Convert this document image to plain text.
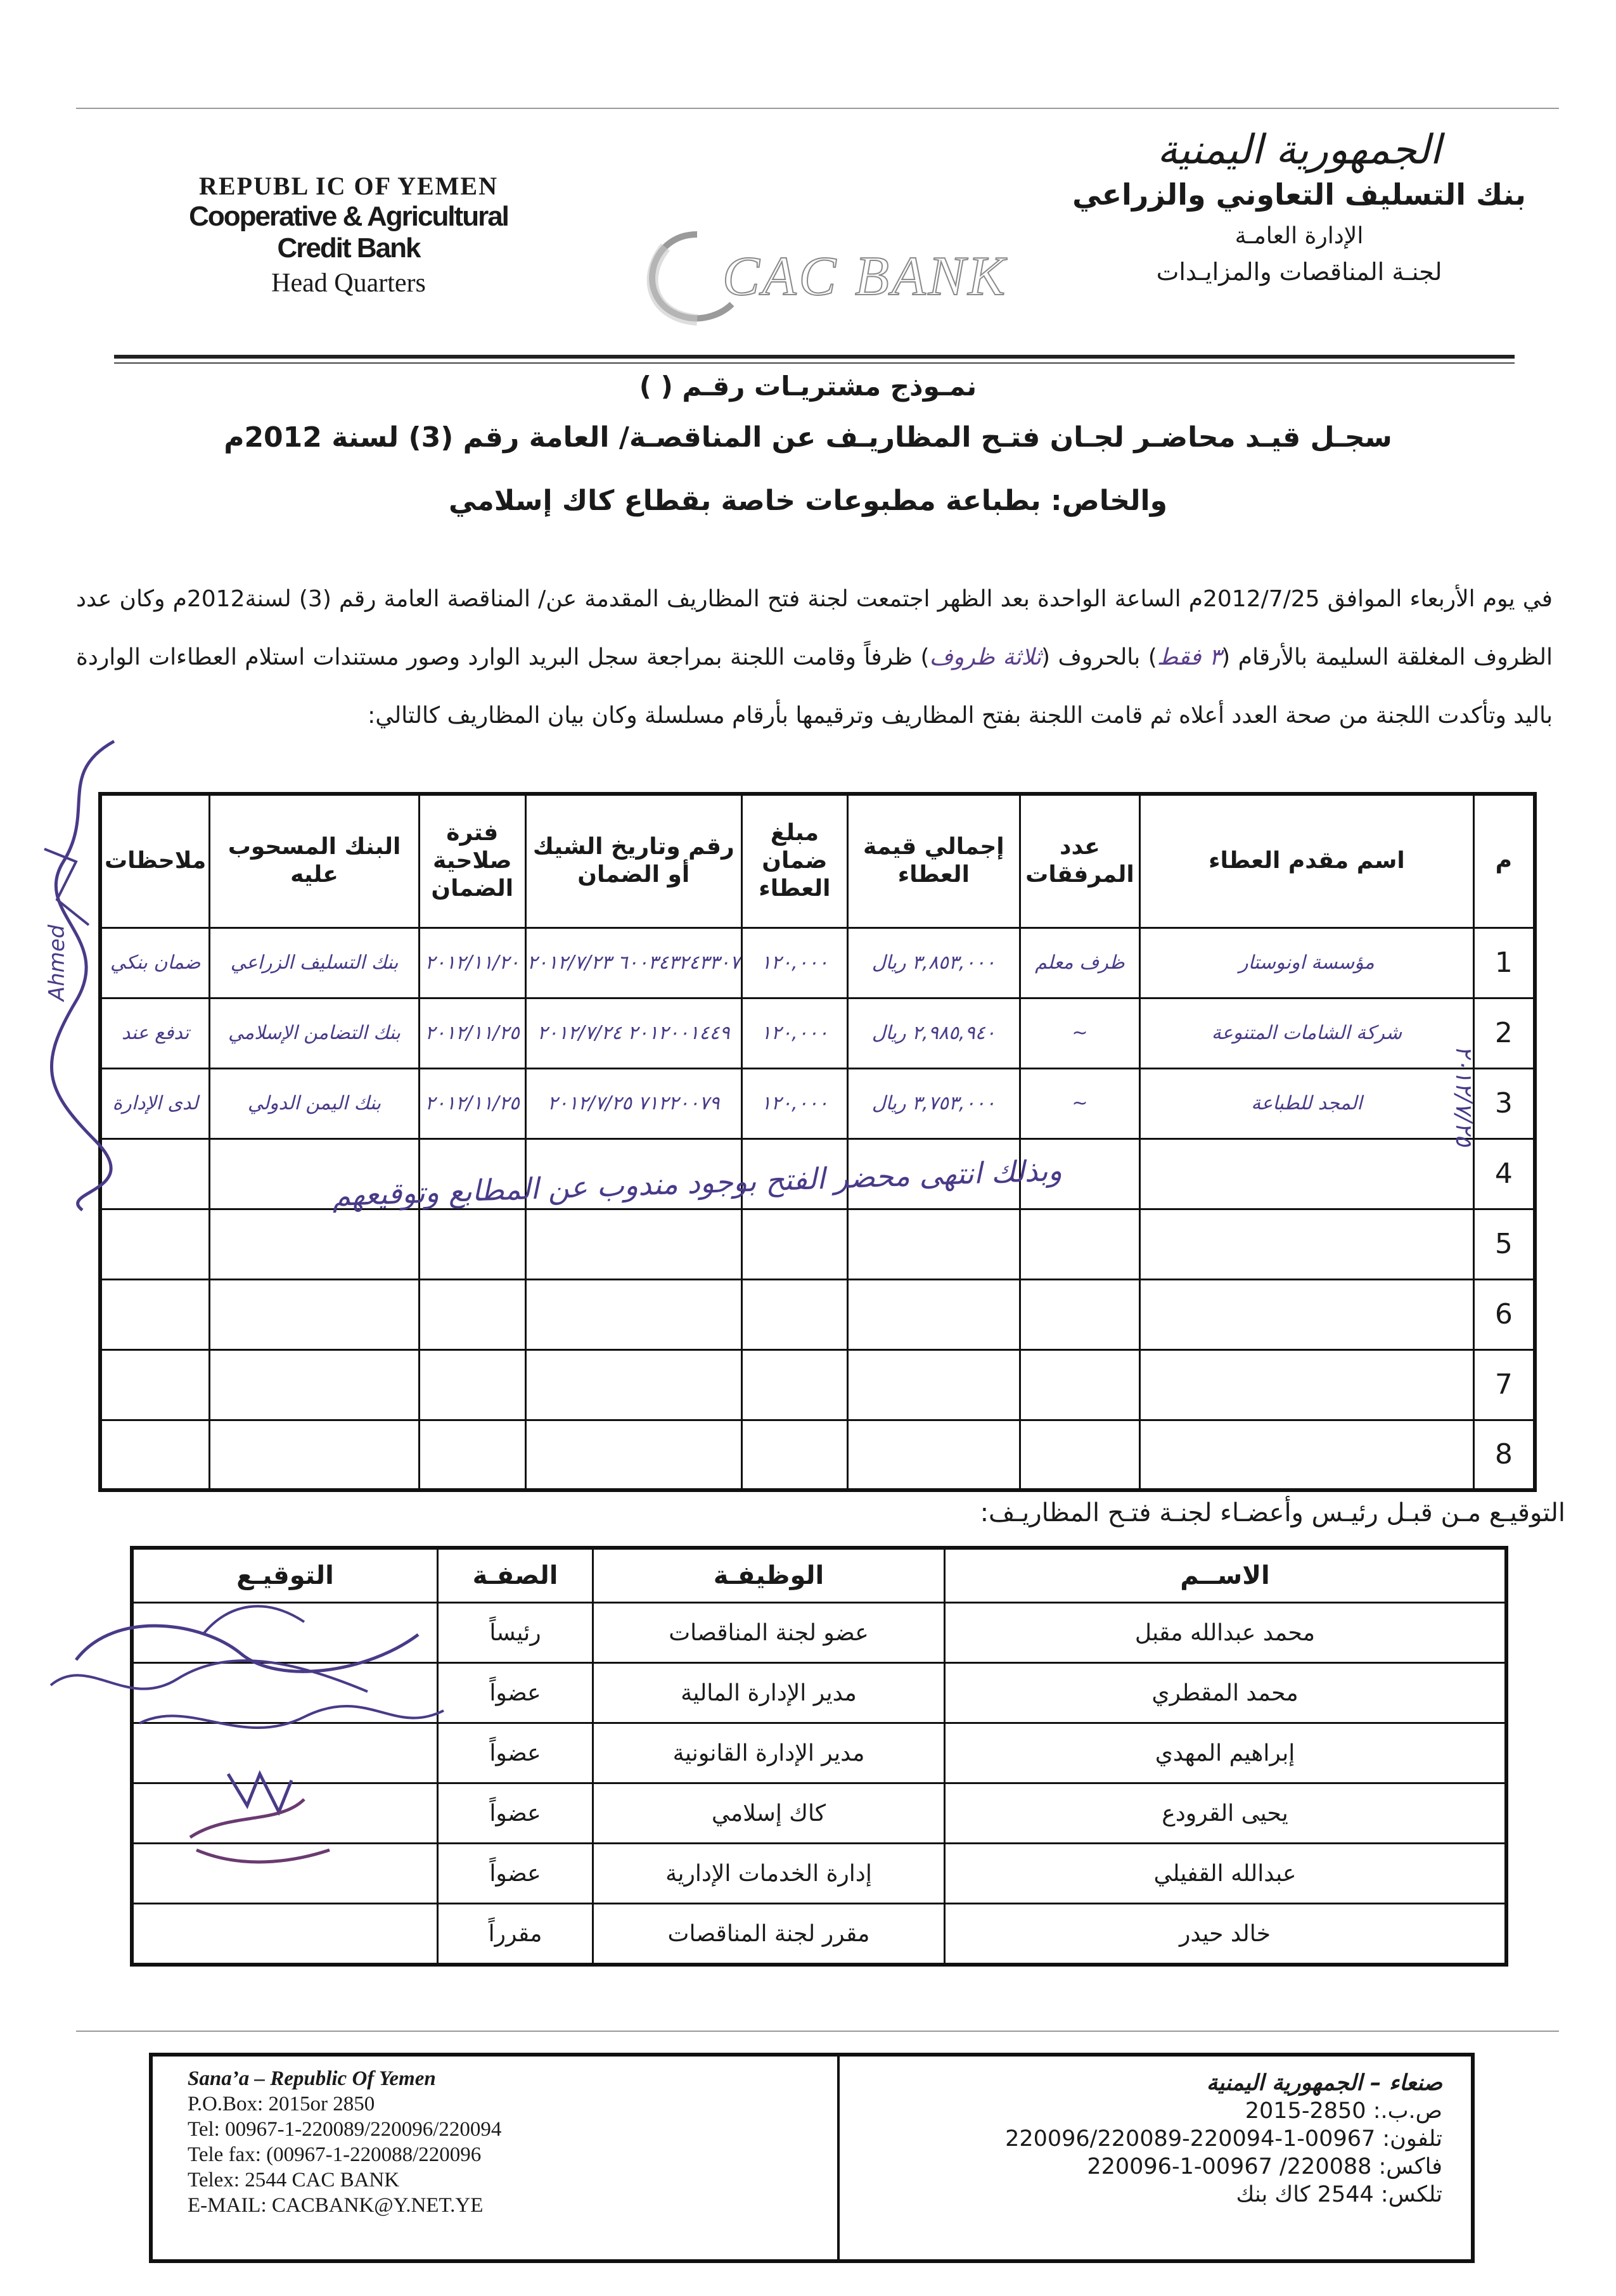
REPUBL IC OF YEMEN
Cooperative & Agricultural
Credit Bank
Head Quarters	CAC BANK
الجمهورية اليمنية
بنك التسليف التعاوني والزراعي
الإدارة العامـة
لجنـة المناقصات والمزايـدات
نمـوذج مشتريـات رقـم ( )
سجـل قيـد محاضـر لجـان فتـح المظاريـف عن المناقصـة/ العامة رقم (3) لسنة 2012م
والخاص: بطباعة مطبوعات خاصة بقطاع كاك إسلامي
في يوم الأربعاء الموافق 2012/7/25م الساعة الواحدة بعد الظهر اجتمعت لجنة فتح المظاريف المقدمة عن/ المناقصة العامة رقم (3) لسنة2012م وكان عدد الظروف المغلقة السليمة بالأرقام (٣ فقط) بالحروف (ثلاثة ظروف) ظرفاً وقامت اللجنة بمراجعة سجل البريد الوارد وصور مستندات استلام العطاءات الواردة باليد وتأكدت اللجنة من صحة العدد أعلاه ثم قامت اللجنة بفتح المظاريف وترقيمها بأرقام مسلسلة وكان بيان المظاريف كالتالي:
م	اسم مقدم العطاء	عدد المرفقات	إجمالي قيمة العطاء	مبلغ ضمان العطاء	رقم وتاريخ الشيك أو الضمان	فترة صلاحية الضمان	البنك المسحوب عليه	ملاحظات
1	مؤسسة اونوستار	ظرف معلم	٣,٨٥٣,٠٠٠ ريال	١٢٠,٠٠٠	٦٠٠٣٤٣٢٤٣٣٠٧ ٢٠١٢/٧/٢٣	٢٠١٢/١١/٢٠	بنك التسليف الزراعي	ضمان بنكي
2	شركة الشامات المتنوعة	~	٢,٩٨٥,٩٤٠ ريال	١٢٠,٠٠٠	٢٠١٢٠٠١٤٤٩ ٢٠١٢/٧/٢٤	٢٠١٢/١١/٢٥	بنك التضامن الإسلامي	تدفع عند
3	المجد للطباعة	~	٣,٧٥٣,٠٠٠ ريال	١٢٠,٠٠٠	٧١٢٢٠٠٧٩ ٢٠١٢/٧/٢٥	٢٠١٢/١١/٢٥	بنك اليمن الدولي	لدى الإدارة
4								
5								
6								
7								
8								
وبذلك انتهى محضر الفتح بوجود مندوب عن المطابع وتوقيعهم
٢٠١٢/٧/٢٥
Ahmed
التوقيـع مـن قبـل رئيـس وأعضـاء لجنـة فتـح المظاريـف:
الاســم	الوظيفـة	الصفـة	التوقيـع
محمد عبدالله مقبل	عضو لجنة المناقصات	رئيساً	
محمد المقطري	مدير الإدارة المالية	عضواً	
إبراهيم المهدي	مدير الإدارة القانونية	عضواً	
يحيى القرودع	كاك إسلامي	عضواً	
عبدالله القفيلي	إدارة الخدمات الإدارية	عضواً	
خالد حيدر	مقرر لجنة المناقصات	مقرراً	
Sana’a – Republic Of Yemen
P.O.Box: 2015or 2850
Tel: 00967-1-220089/220096/220094
Tele fax: (00967-1-220088/220096
Telex: 2544 CAC BANK
E-MAIL: CACBANK@Y.NET.YE
صنعاء – الجمهورية اليمنية
ص.ب.: 2850-2015
تلفون: 00967-1-220094-220096/220089
فاكس: 220088/ 00967-1-220096
تلكس: 2544 كاك بنك
